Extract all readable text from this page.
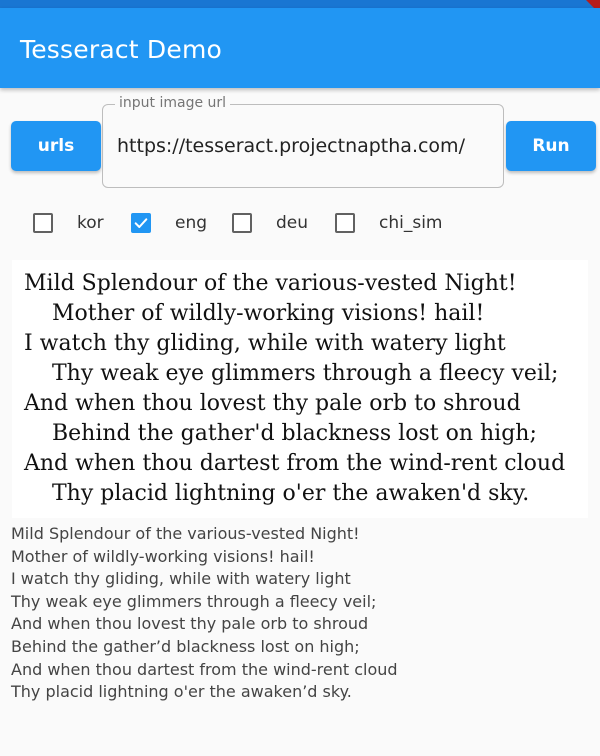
Tesseract Demo
urls
input image url
https://tesseract.projectnaptha.com/
Run
kor	eng	deu	chi_sim
Mild Splendour of the various-vested Night!
Mother of wildly-working visions! hail!
I watch thy gliding, while with watery light
Thy weak eye glimmers through a fleecy veil;
And when thou lovest thy pale orb to shroud
Behind the gather'd blackness lost on high;
And when thou dartest from the wind-rent cloud
Thy placid lightning o'er the awaken'd sky.
Mild Splendour of the various-vested Night!
Mother of wildly-working visions! hail!
I watch thy gliding, while with watery light
Thy weak eye glimmers through a fleecy veil;
And when thou lovest thy pale orb to shroud
Behind the gather’d blackness lost on high;
And when thou dartest from the wind-rent cloud
Thy placid lightning o'er the awaken’d sky.
